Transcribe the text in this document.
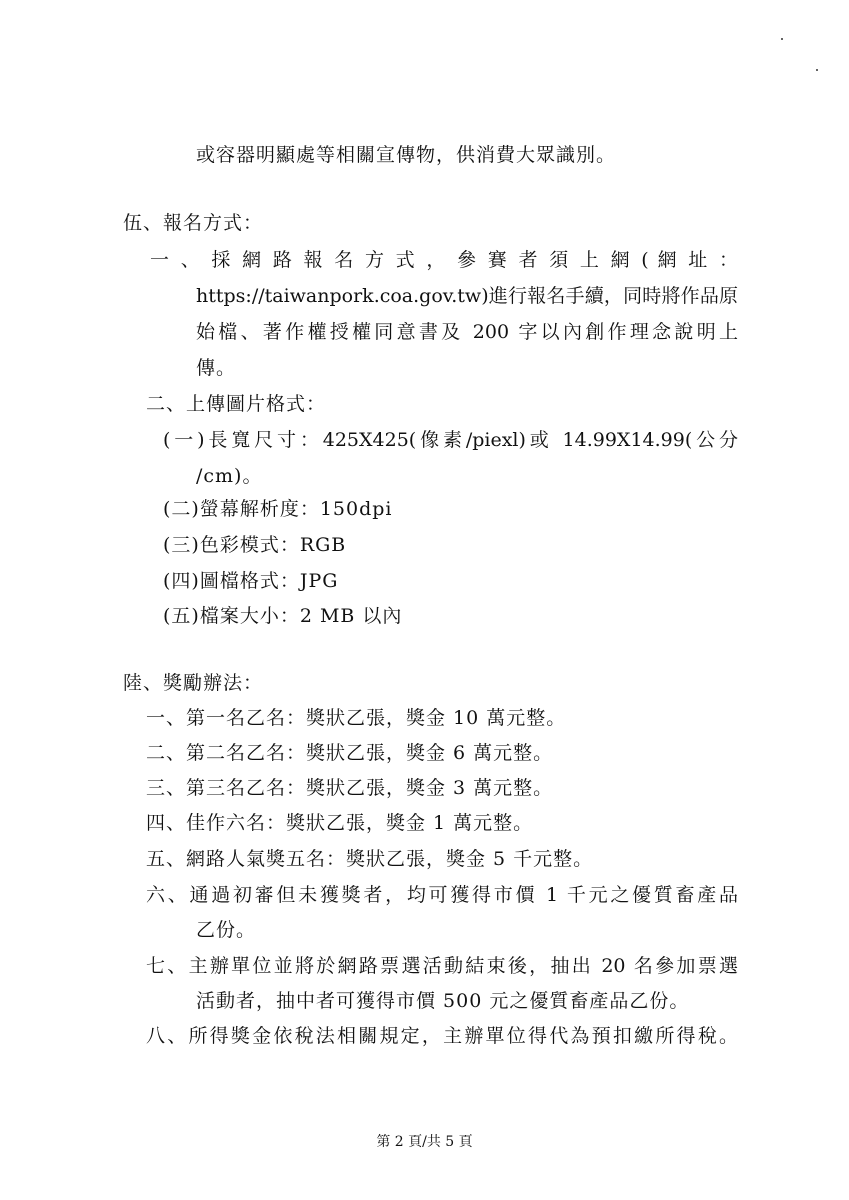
或容器明顯處等相關宣傳物，供消費大眾識別。
伍、報名方式：
一 、 採 網 路 報 名 方 式 ， 參 賽 者 須 上 網 ( 網 址 ：
https://taiwanpork.coa.gov.tw)進行報名手續，同時將作品原
始檔、著作權授權同意書及 200 字以內創作理念說明上
傳。
二、上傳圖片格式：
(一)長寬尺寸：425X425(像素/piexl)或 14.99X14.99(公分
/cm)。
(二)螢幕解析度：150dpi
(三)色彩模式：RGB
(四)圖檔格式：JPG
(五)檔案大小：2 MB 以內
陸、獎勵辦法：
一、第一名乙名：獎狀乙張，獎金 10 萬元整。
二、第二名乙名：獎狀乙張，獎金 6 萬元整。
三、第三名乙名：獎狀乙張，獎金 3 萬元整。
四、佳作六名：獎狀乙張，獎金 1 萬元整。
五、網路人氣獎五名：獎狀乙張，獎金 5 千元整。
六、通過初審但未獲獎者，均可獲得市價 1 千元之優質畜產品
乙份。
七、主辦單位並將於網路票選活動結束後，抽出 20 名參加票選
活動者，抽中者可獲得市價 500 元之優質畜產品乙份。
八、所得獎金依稅法相關規定，主辦單位得代為預扣繳所得稅。
第 2 頁/共 5 頁
